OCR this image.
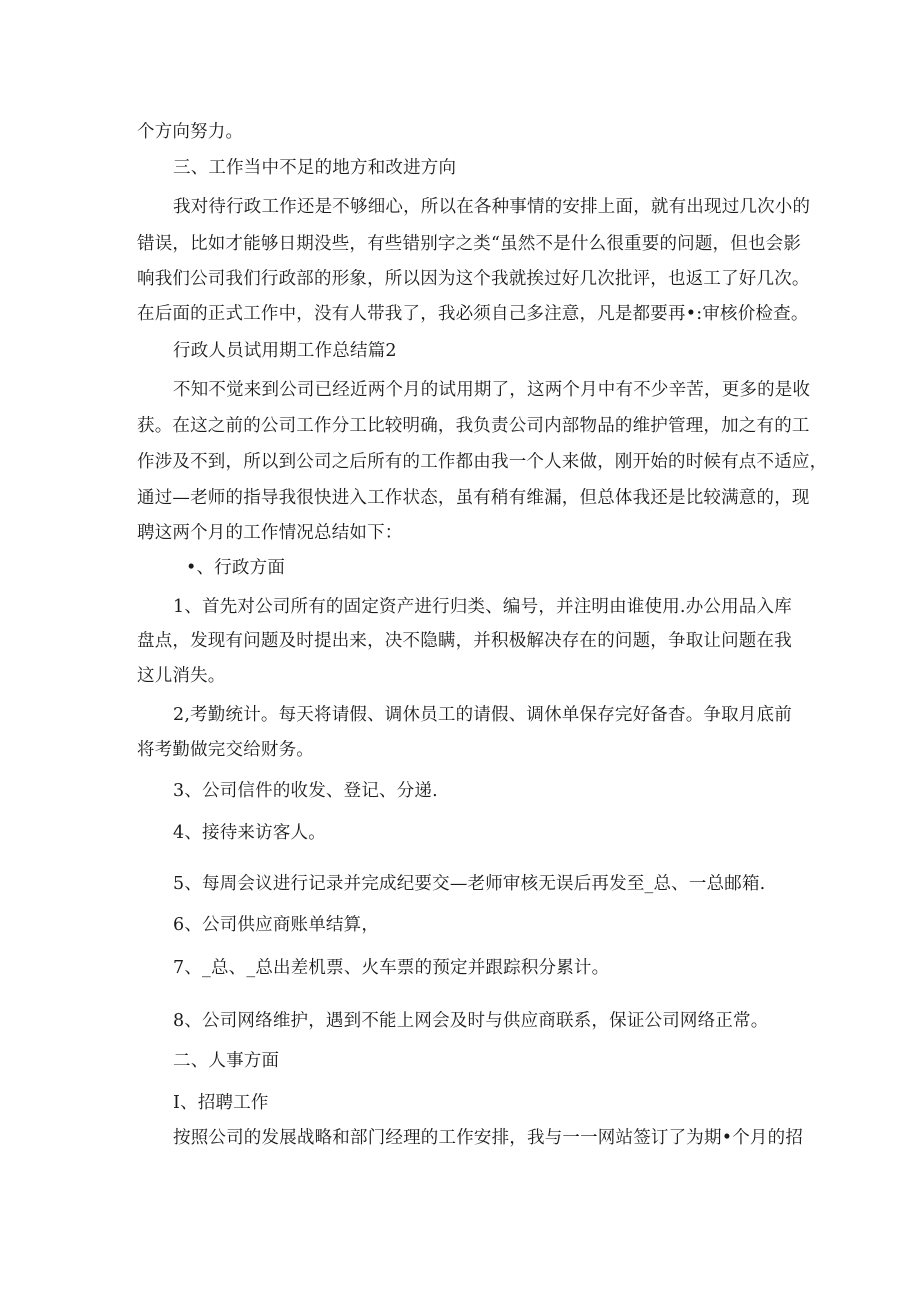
个方向努力。
三、工作当中不足的地方和改进方向
我对待行政工作还是不够细心，所以在各种事情的安排上面，就有出现过几次小的
错误，比如才能够日期没些，有些错别字之类“虽然不是什么很重要的问题，但也会影
响我们公司我们行政部的形象，所以因为这个我就挨过好几次批评，也返工了好几次。
在后面的正式工作中，没有人带我了，我必须自己多注意，凡是都要再•:审核价检查。
行政人员试用期工作总结篇2
不知不觉来到公司已经近两个月的试用期了，这两个月中有不少辛苦，更多的是收
获。在这之前的公司工作分工比较明确，我负责公司内部物品的维护管理，加之有的工
作涉及不到，所以到公司之后所有的工作都由我一个人来做，刚开始的时候有点不适应，
通过—老师的指导我很快进入工作状态，虽有稍有维漏，但总体我还是比较满意的，现
聘这两个月的工作情况总结如下：
•、行政方面
1、首先对公司所有的固定资产进行归类、编号，并注明由谁使用.办公用品入库
盘点，发现有问题及时提出来，决不隐瞒，并积极解决存在的问题，争取让问题在我
这儿消失。
2,考勤统计。每天将请假、调休员工的请假、调休单保存完好备杳。争取月底前
将考勤做完交给财务。
3、公司信件的收发、登记、分递.
4、接待来访客人。
5、每周会议进行记录并完成纪要交—老师审核无误后再发至_总、一总邮箱.
6、公司供应商账单结算，
7、_总、_总出差机票、火车票的预定并跟踪积分累计。
8、公司网络维护，遇到不能上网会及时与供应商联系，保证公司网络正常。
二、人事方面
I、招聘工作
按照公司的发展战略和部门经理的工作安排，我与一一网站签订了为期•个月的招
